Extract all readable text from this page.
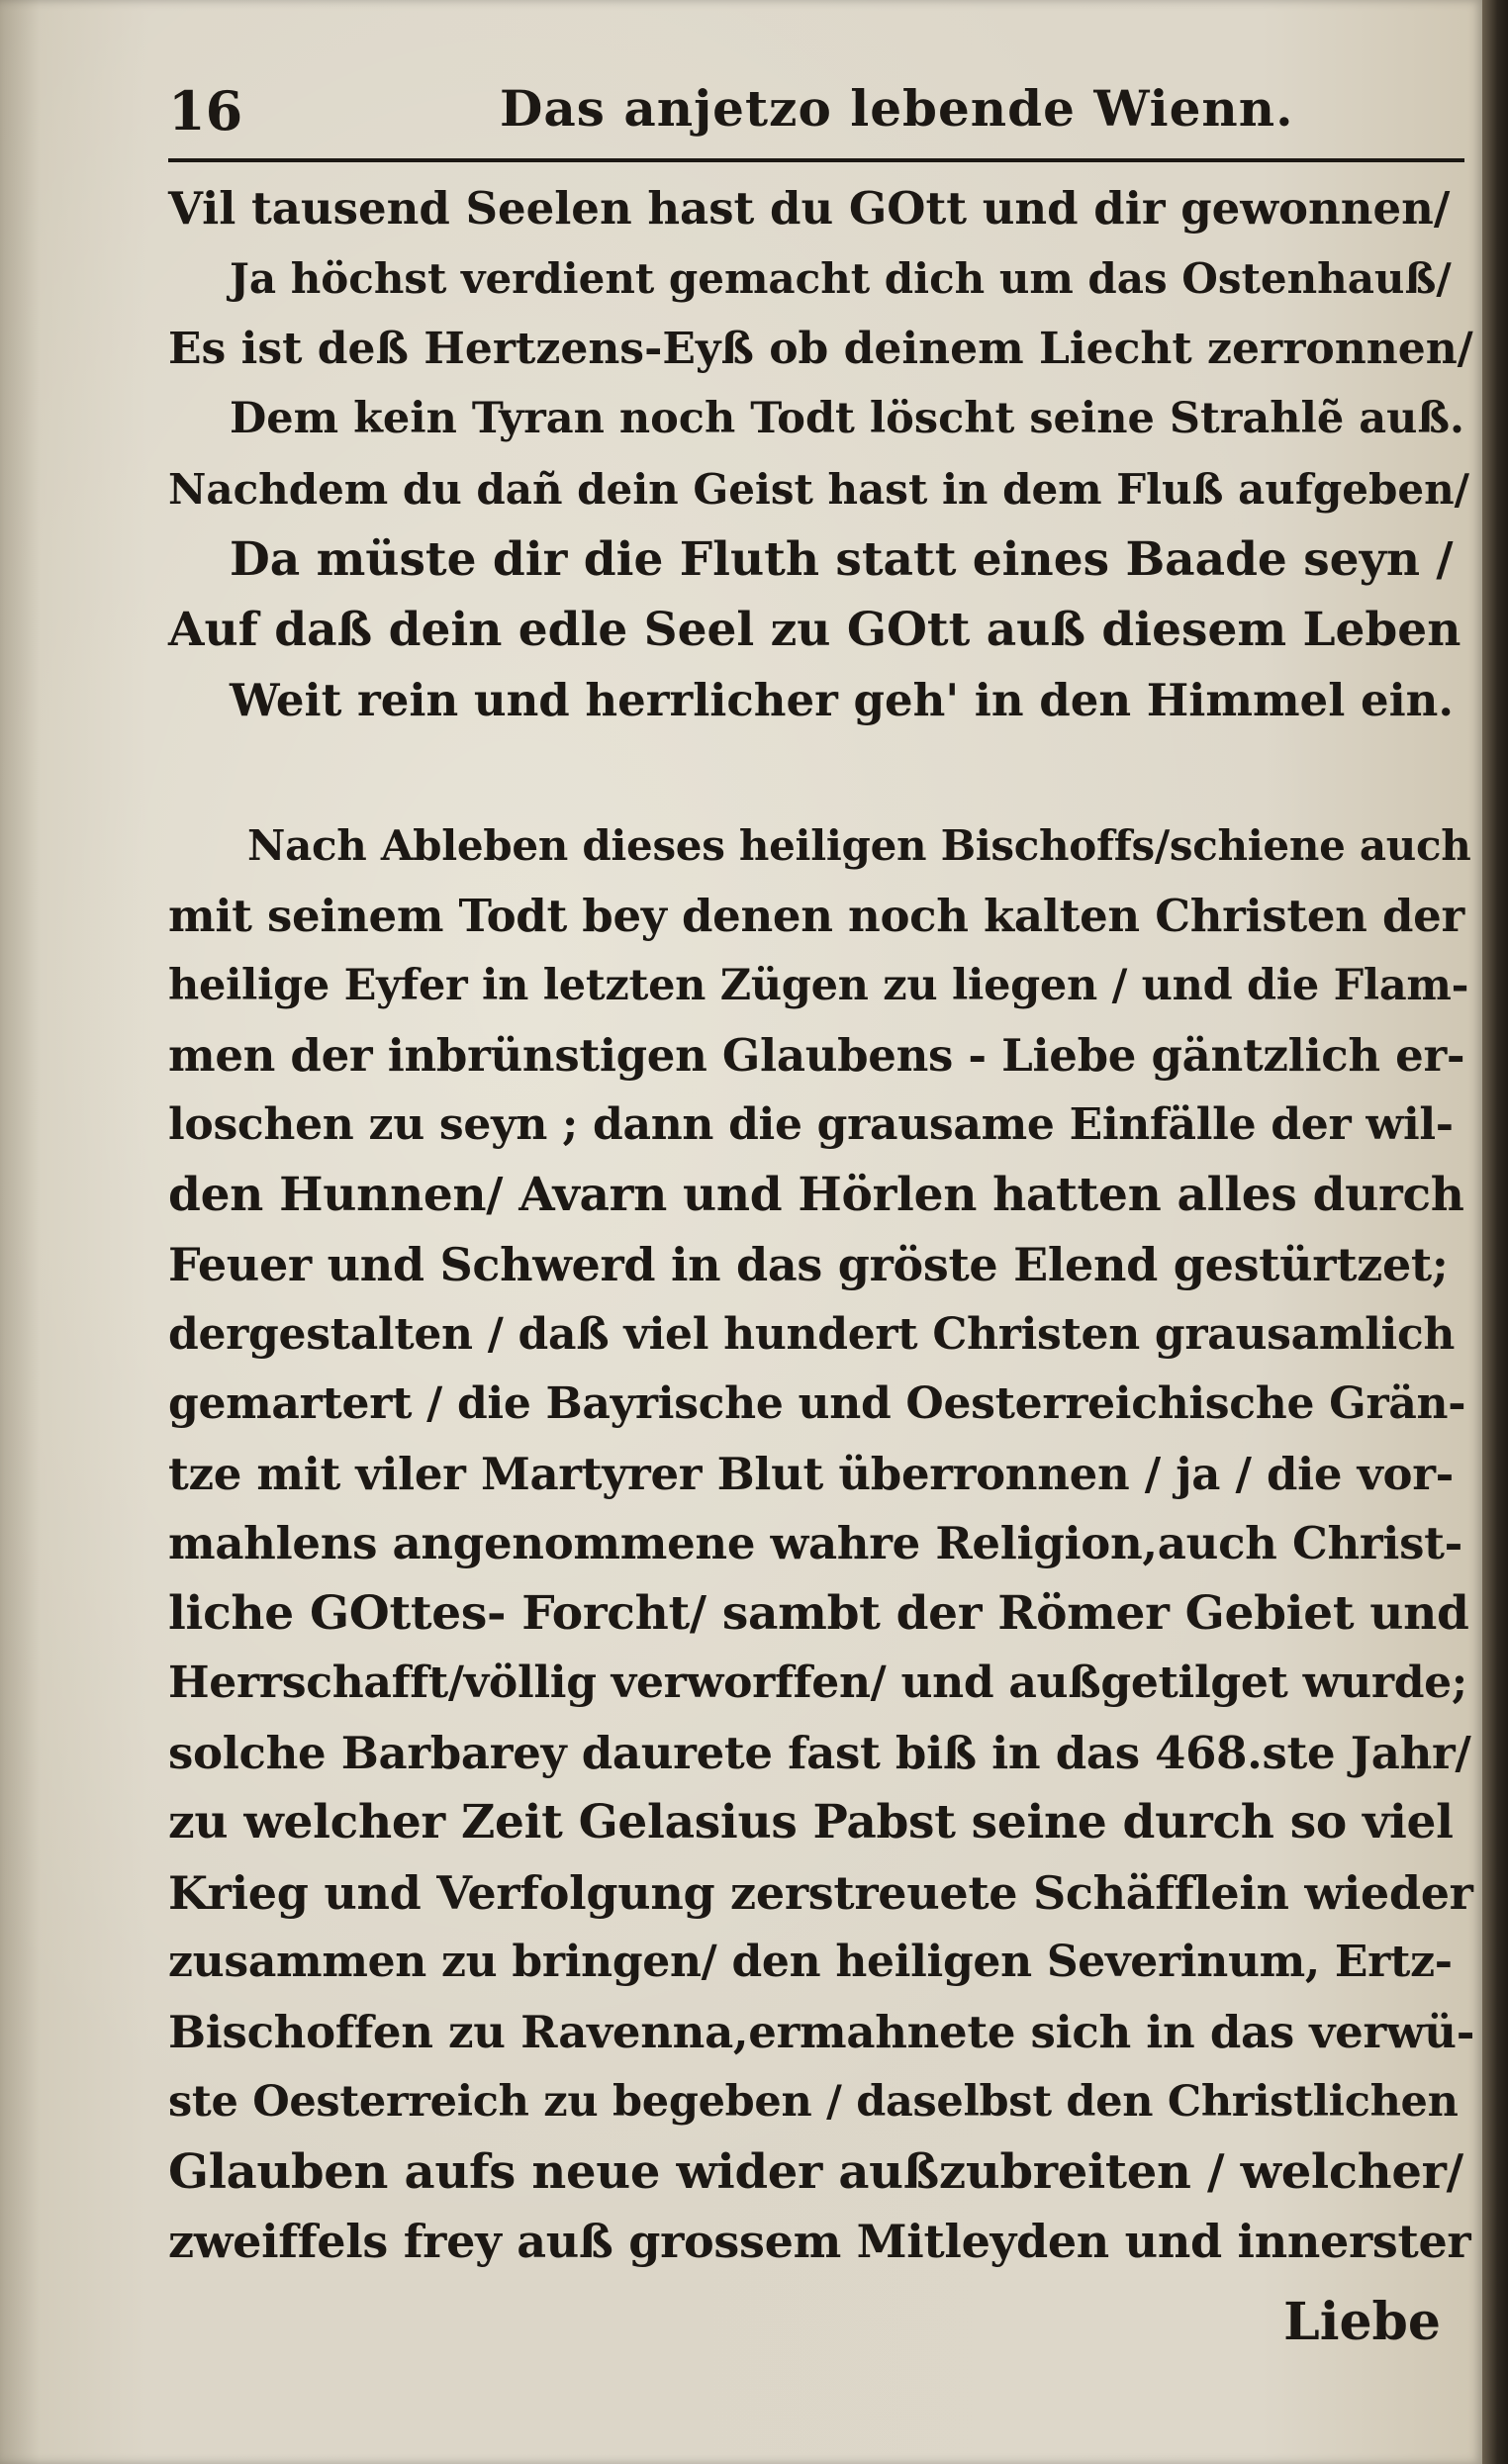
16	Das anjetzo lebende Wienn.
Vil tausend Seelen hast du GOtt und dir gewonnen/
Ja höchst verdient gemacht dich um das Ostenhauß/
Es ist deß Hertzens-Eyß ob deinem Liecht zerronnen/
Dem kein Tyran noch Todt löscht seine Strahlẽ auß.
Nachdem du dañ dein Geist hast in dem Fluß aufgeben/
Da müste dir die Fluth statt eines Baade seyn /
Auf daß dein edle Seel zu GOtt auß diesem Leben
Weit rein und herrlicher geh' in den Himmel ein.
Nach Ableben dieses heiligen Bischoffs/schiene auch
mit seinem Todt bey denen noch kalten Christen der
heilige Eyfer in letzten Zügen zu liegen / und die Flam-
men der inbrünstigen Glaubens - Liebe gäntzlich er-
loschen zu seyn ; dann die grausame Einfälle der wil-
den Hunnen/ Avarn und Hörlen hatten alles durch
Feuer und Schwerd in das gröste Elend gestürtzet;
dergestalten / daß viel hundert Christen grausamlich
gemartert / die Bayrische und Oesterreichische Grän-
tze mit viler Martyrer Blut überronnen / ja / die vor-
mahlens angenommene wahre Religion,auch Christ-
liche GOttes- Forcht/ sambt der Römer Gebiet und
Herrschafft/völlig verworffen/ und außgetilget wurde;
solche Barbarey daurete fast biß in das 468.ste Jahr/
zu welcher Zeit Gelasius Pabst seine durch so viel
Krieg und Verfolgung zerstreuete Schäfflein wieder
zusammen zu bringen/ den heiligen Severinum, Ertz-
Bischoffen zu Ravenna,ermahnete sich in das verwü-
ste Oesterreich zu begeben / daselbst den Christlichen
Glauben aufs neue wider außzubreiten / welcher/
zweiffels frey auß grossem Mitleyden und innerster
Liebe
